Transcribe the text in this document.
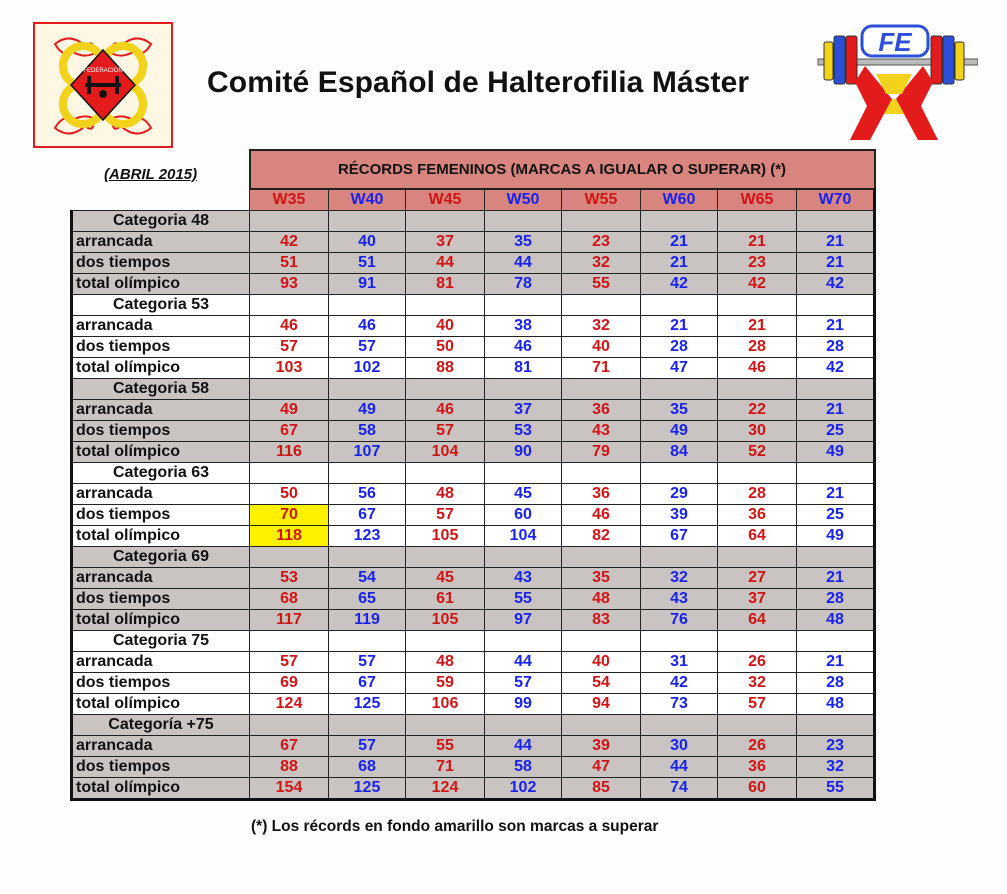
FEDERACIÓN	Comité Español de Halterofilia Máster
FE
(ABRIL 2015)
		RÉCORDS FEMENINOS (MARCAS A IGUALAR O SUPERAR) (*)							
	W35	W40	W45	W50	W55	W60	W65	W70
Categoria 48								
arrancada	42	40	37	35	23	21	21	21
dos tiempos	51	51	44	44	32	21	23	21
total olímpico	93	91	81	78	55	42	42	42
Categoria 53								
arrancada	46	46	40	38	32	21	21	21
dos tiempos	57	57	50	46	40	28	28	28
total olímpico	103	102	88	81	71	47	46	42
Categoria 58								
arrancada	49	49	46	37	36	35	22	21
dos tiempos	67	58	57	53	43	49	30	25
total olímpico	116	107	104	90	79	84	52	49
Categoria 63								
arrancada	50	56	48	45	36	29	28	21
dos tiempos	70	67	57	60	46	39	36	25
total olímpico	118	123	105	104	82	67	64	49
Categoria 69								
arrancada	53	54	45	43	35	32	27	21
dos tiempos	68	65	61	55	48	43	37	28
total olímpico	117	119	105	97	83	76	64	48
Categoria 75								
arrancada	57	57	48	44	40	31	26	21
dos tiempos	69	67	59	57	54	42	32	28
total olímpico	124	125	106	99	94	73	57	48
Categoría +75								
arrancada	67	57	55	44	39	30	26	23
dos tiempos	88	68	71	58	47	44	36	32
total olímpico	154	125	124	102	85	74	60	55
(*) Los récords en fondo amarillo son marcas a superar
